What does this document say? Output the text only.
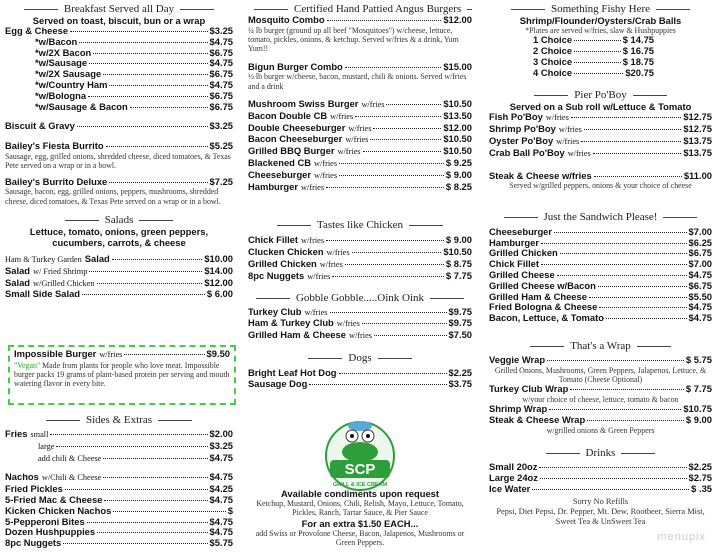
Breakfast Served all Day
Served on toast, biscuit, bun or a wrap
Egg & Cheese	$3.25
*w/Bacon	$4.75
*w/2X Bacon	$6.75
*w/Sausage	$4.75
*w/2X Sausage	$6.75
*w/Country Ham	$4.75
*w/Bologna	$6.75
*w/Sausage & Bacon	$6.75
Biscuit & Gravy	$3.25
Bailey's Fiesta Burrito	$5.25
Sausage, egg, grilled onions, shredded cheese, diced tomatoes, & Texas Pete served on a wrap or in a bowl.
Bailey's Burrito Deluxe	$7.25
Sausage, bacon, egg, grilled onions, peppers, mushrooms, shredded cheese, diced tomatoes, & Texas Pete served on a wrap or in a bowl.
Salads
Lettuce, tomato, onions, green peppers,
cucumbers, carrots, & cheese
Ham & Turkey Garden Salad	$10.00
Salad w/ Fried Shrimp	$14.00
Salad w/Grilled Chicken	$12.00
Small Side Salad	$ 6.00
Impossible Burger w/fries	$9.50
"Vegan" Made from plants for people who love meat. Impossible burger packs 19 grams of plant-based protein per serving and mouth watering flavor in every bite.
Sides & Extras
Fries small	$2.00
large	$3.25
add chili & Cheese	$4.75
Nachos w/Chili & Cheese	$4.75
Fried Pickles	$4.25
5-Fried Mac & Cheese	$4.75
Kicken Chicken Nachos	$
5-Pepperoni Bites	$4.75
Dozen Hushpuppies	$4.75
8pc Nuggets	$5.75
Certified Hand Pattied Angus Burgers
Mosquito Combo	$12.00
¼ lb burger (ground up all beef "Mosquitoes") w/cheese, lettuce, tomato, pickles, onions, & ketchup. Served w/fries & a drink, Yum Yum!!
Bigun Burger Combo	$15.00
½ lb burger w/cheese, bacon, mustard, chili & onions. Served w/fries and a drink
Mushroom Swiss Burger w/fries	$10.50
Bacon Double CB w/fries	$13.50
Double Cheeseburger w/fries	$12.00
Bacon Cheeseburger w/fries	$10.50
Grilled BBQ Burger w/fries	$10.50
Blackened CB w/fries	$ 9.25
Cheeseburger w/fries	$ 9.00
Hamburger w/fries	$ 8.25
Tastes like Chicken
Chick Fillet w/fries	$ 9.00
Clucken Chicken w/fries	$10.50
Grilled Chicken w/fries	$ 8.75
8pc Nuggets w/fries	$ 7.75
Gobble Gobble.....Oink Oink
Turkey Club w/fries	$9.75
Ham & Turkey Club w/fries	$9.75
Grilled Ham & Cheese w/fries	$7.50
Dogs
Bright Leaf Hot Dog	$2.25
Sausage Dog	$3.75
SCP
GRILL & ICE CREAM
Available condiments upon request
Ketchup, Mustard, Onions, Chili, Relish, Mayo, Lettuce, Tomato, Pickles, Ranch, Tartar Sauce, & Pier Sauce
For an extra $1.50 EACH...
add Swiss or Provolone Cheese, Bacon, Jalapenos, Mushrooms or Green Peppers.
Something Fishy Here
Shrimp/Flounder/Oysters/Crab Balls
*Plates are served w/fries, slaw & Hushpuppies
1 Choice	$ 14.75
2 Choice	$ 16.75
3 Choice	$ 18.75
4 Choice	$20.75
Pier Po'Boy
Served on a Sub roll w/Lettuce & Tomato
Fish Po'Boy w/fries	$12.75
Shrimp Po'Boy w/fries	$12.75
Oyster Po'Boy w/fries	$13.75
Crab Ball Po'Boy w/fries	$13.75
Steak & Cheese w/fries	$11.00
Served w/grilled peppers, onions & your choice of cheese
Just the Sandwich Please!
Cheeseburger	$7.00
Hamburger	$6.25
Grilled Chicken	$6.75
Chick Fillet	$7.00
Grilled Cheese	$4.75
Grilled Cheese w/Bacon	$6.75
Grilled Ham & Cheese	$5.50
Fried Bologna & Cheese	$4.75
Bacon, Lettuce, & Tomato	$4.75
That's a Wrap
Veggie Wrap	$ 5.75
Grilled Onions, Mushrooms, Green Peppers, Jalapenos, Lettuce, & Tomato (Cheese Optional)
Turkey Club Wrap	$ 7.75
w/your choice of cheese, lettuce, tomato & bacon
Shrimp Wrap	$10.75
Steak & Cheese Wrap	$ 9.00
w/grilled onions & Green Peppers
Drinks
Small 20oz	$2.25
Large 24oz	$2.75
Ice Water	$ .35
Sorry No Refills
Pepsi, Diet Pepsi, Dr. Pepper, Mt. Dew, Rootbeer, Sierra Mist, Sweet Tea & UnSweet Tea
menupix
